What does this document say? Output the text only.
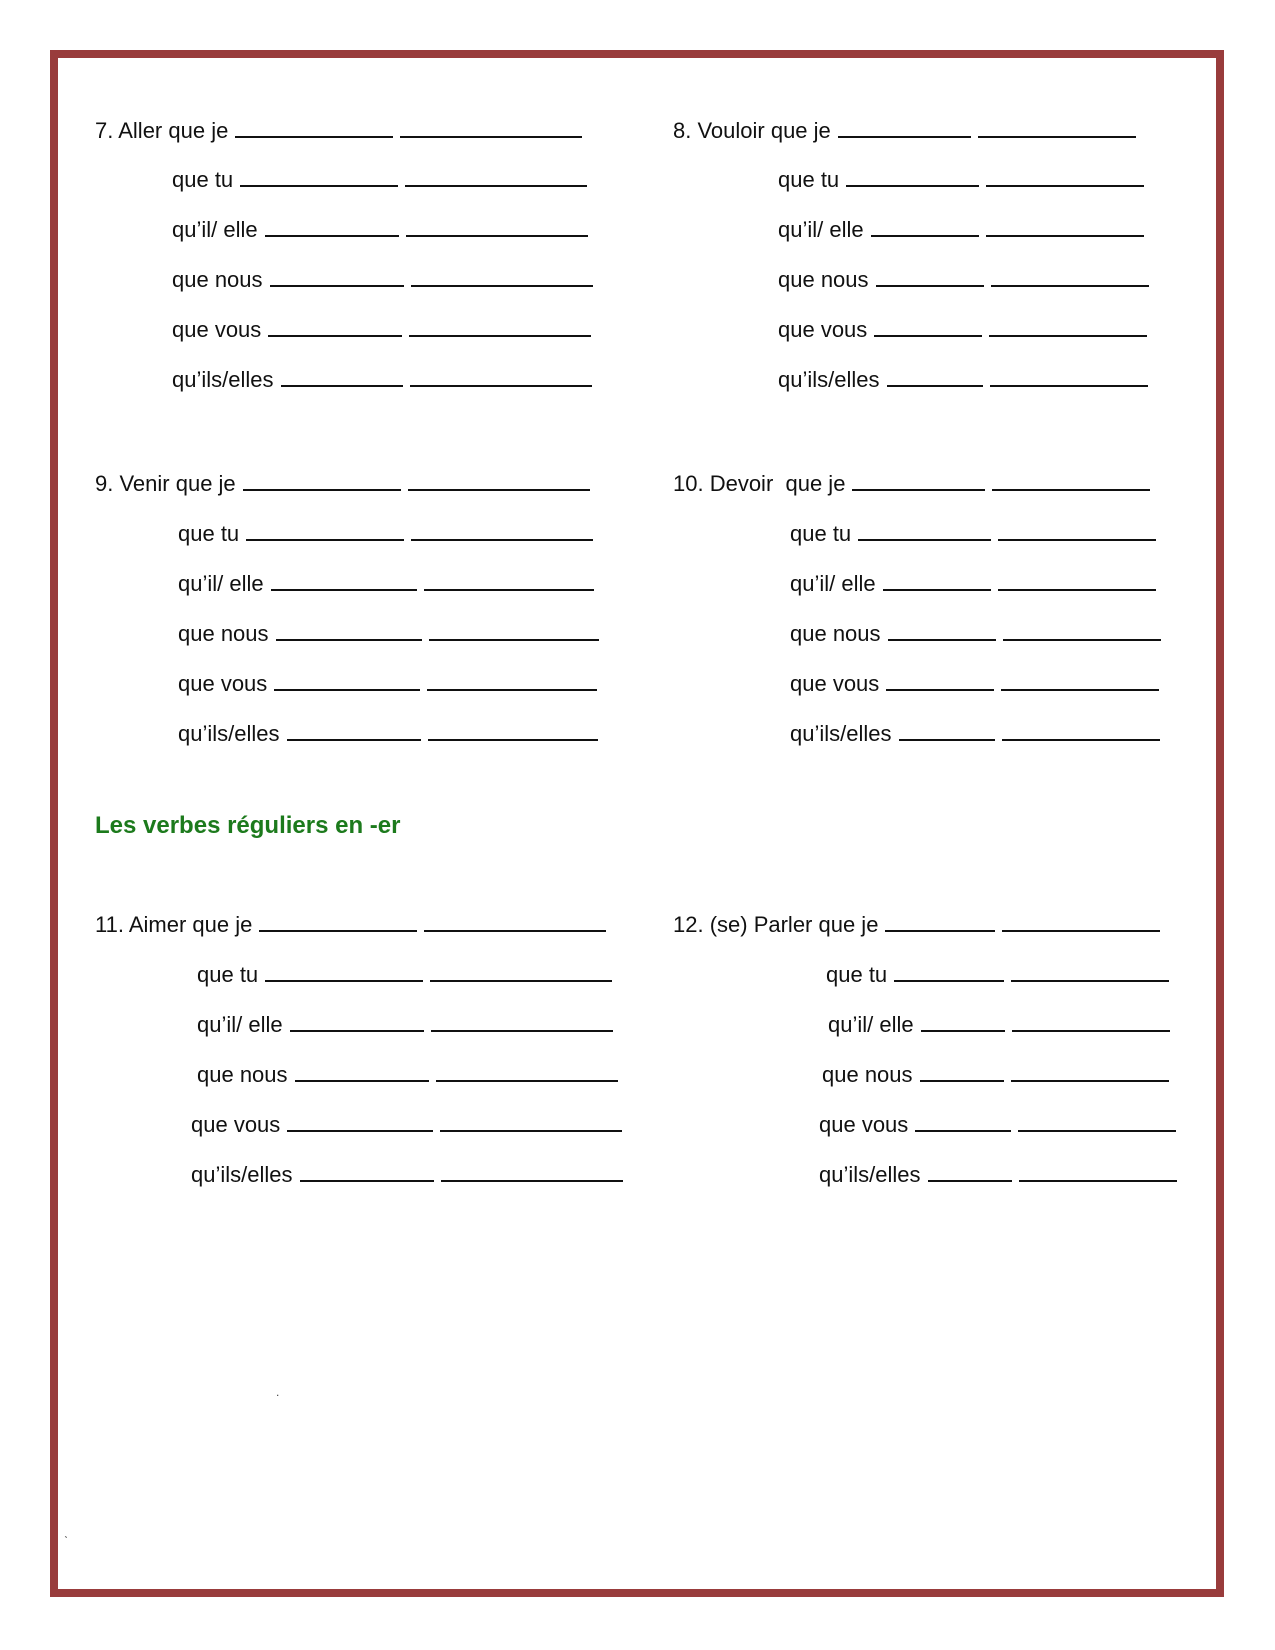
7. Aller que je
que tu
qu’il/ elle
que nous
que vous
qu’ils/elles
8. Vouloir que je
que tu
qu’il/ elle
que nous
que vous
qu’ils/elles
9. Venir que je
que tu
qu’il/ elle
que nous
que vous
qu’ils/elles
10. Devoir  que je
que tu
qu’il/ elle
que nous
que vous
qu’ils/elles
Les verbes réguliers en -er
11. Aimer que je
que tu
qu’il/ elle
que nous
que vous
qu’ils/elles
12. (se) Parler que je
que tu
qu’il/ elle
que nous
que vous
qu’ils/elles
.
ˋ
